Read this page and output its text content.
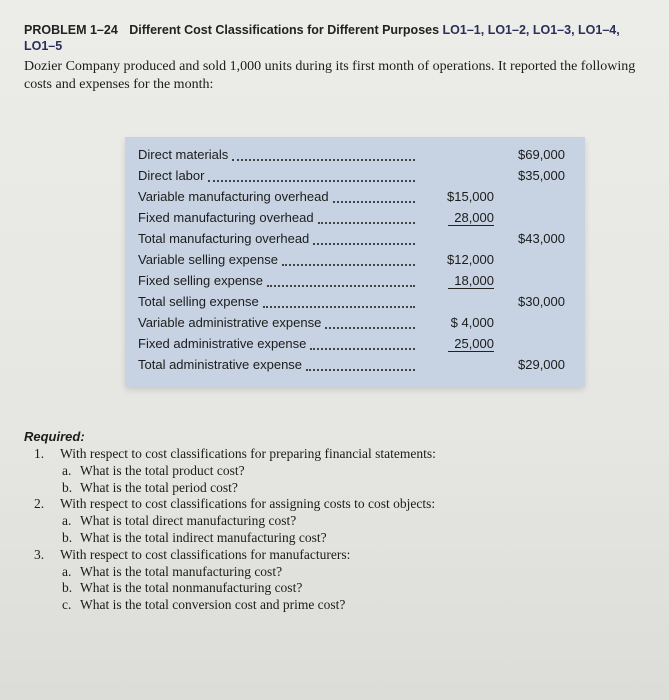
PROBLEM 1–24 Different Cost Classifications for Different Purposes LO1–1, LO1–2, LO1–3, LO1–4, LO1–5
Dozier Company produced and sold 1,000 units during its first month of operations. It reported the following costs and expenses for the month:
Direct materials	$69,000
Direct labor	$35,000
Variable manufacturing overhead	$15,000
Fixed manufacturing overhead	28,000
Total manufacturing overhead	$43,000
Variable selling expense	$12,000
Fixed selling expense	18,000
Total selling expense	$30,000
Variable administrative expense	$ 4,000
Fixed administrative expense	25,000
Total administrative expense	$29,000
Required:
1. With respect to cost classifications for preparing financial statements:
a. What is the total product cost?
b. What is the total period cost?
2. With respect to cost classifications for assigning costs to cost objects:
a. What is total direct manufacturing cost?
b. What is the total indirect manufacturing cost?
3. With respect to cost classifications for manufacturers:
a. What is the total manufacturing cost?
b. What is the total nonmanufacturing cost?
c. What is the total conversion cost and prime cost?
